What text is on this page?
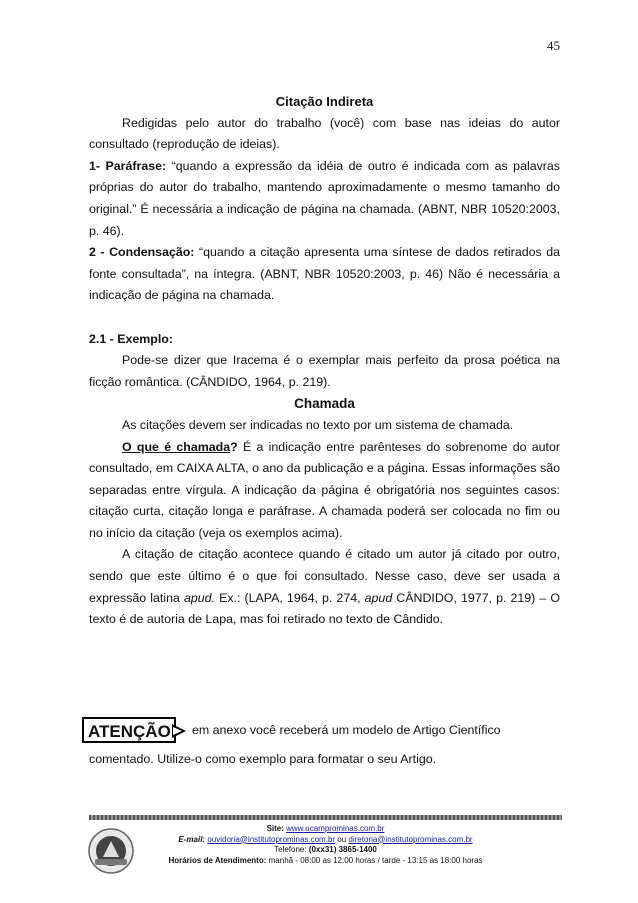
45

Citação Indireta

Redigidas pelo autor do trabalho (você) com base nas ideias do autor consultado (reprodução de ideias).

1- Paráfrase: “quando a expressão da idéia de outro é indicada com as palavras próprias do autor do trabalho, mantendo aproximadamente o mesmo tamanho do original.” É necessária a indicação de página na chamada. (ABNT, NBR 10520:2003, p. 46).

2 - Condensação: “quando a citação apresenta uma síntese de dados retirados da fonte consultada”, na íntegra. (ABNT, NBR 10520:2003, p. 46) Não é necessária a indicação de página na chamada.

2.1 - Exemplo:

Pode-se dizer que Iracema é o exemplar mais perfeito da prosa poética na ficção romântica. (CÂNDIDO, 1964, p. 219).

Chamada

As citações devem ser indicadas no texto por um sistema de chamada.

O que é chamada? É a indicação entre parênteses do sobrenome do autor consultado, em CAIXA ALTA, o ano da publicação e a página. Essas informações são separadas entre vírgula. A indicação da página é obrigatória nos seguintes casos: citação curta, citação longa e paráfrase. A chamada poderá ser colocada no fim ou no início da citação (veja os exemplos acima).

A citação de citação acontece quando é citado um autor já citado por outro, sendo que este último é o que foi consultado. Nesse caso, deve ser usada a expressão latina apud. Ex.: (LAPA, 1964, p. 274, apud CÂNDIDO, 1977, p. 219) – O texto é de autoria de Lapa, mas foi retirado no texto de Cândido.

ATENÇÃO: em anexo você receberá um modelo de Artigo Científico
comentado. Utilize-o como exemplo para formatar o seu Artigo.
Site: www.ucamprominas.com.br
E-mail: ouvidoria@institutoprominas.com.br ou diretoria@institutoprominas.com.br
Telefone: (0xx31) 3865-1400
Horários de Atendimento: manhã - 08:00 as 12:00 horas / tarde - 13:15 as 18:00 horas
